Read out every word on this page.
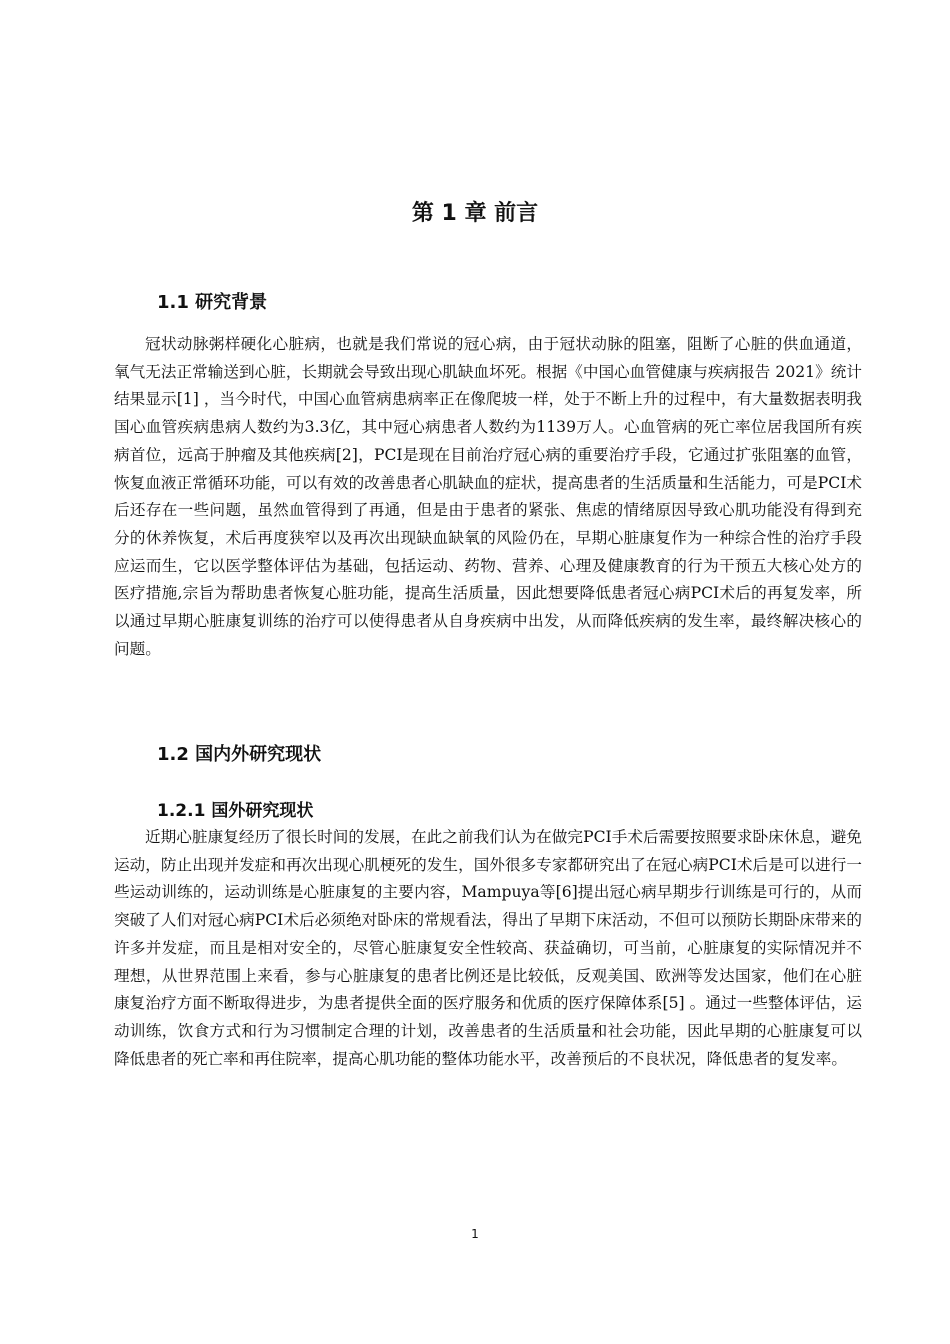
第 1 章 前言
1.1 研究背景

冠状动脉粥样硬化心脏病，也就是我们常说的冠心病，由于冠状动脉的阻塞，阻断了心脏的供血通道，氧气无法正常输送到心脏，长期就会导致出现心肌缺血坏死。根据《中国心血管健康与疾病报告 2021》统计结果显示[1] ，当今时代，中国心血管病患病率正在像爬坡一样，处于不断上升的过程中，有大量数据表明我国心血管疾病患病人数约为3.3亿，其中冠心病患者人数约为1139万人。心血管病的死亡率位居我国所有疾病首位，远高于肿瘤及其他疾病[2]，PCI是现在目前治疗冠心病的重要治疗手段，它通过扩张阻塞的血管，恢复血液正常循环功能，可以有效的改善患者心肌缺血的症状，提高患者的生活质量和生活能力，可是PCI术后还存在一些问题，虽然血管得到了再通，但是由于患者的紧张、焦虑的情绪原因导致心肌功能没有得到充分的休养恢复，术后再度狭窄以及再次出现缺血缺氧的风险仍在，早期心脏康复作为一种综合性的治疗手段应运而生，它以医学整体评估为基础，包括运动、药物、营养、心理及健康教育的行为干预五大核心处方的医疗措施,宗旨为帮助患者恢复心脏功能，提高生活质量，因此想要降低患者冠心病PCI术后的再复发率，所以通过早期心脏康复训练的治疗可以使得患者从自身疾病中出发，从而降低疾病的发生率，最终解决核心的问题。

1.2 国内外研究现状
1.2.1 国外研究现状

近期心脏康复经历了很长时间的发展，在此之前我们认为在做完PCI手术后需要按照要求卧床休息，避免运动，防止出现并发症和再次出现心肌梗死的发生，国外很多专家都研究出了在冠心病PCI术后是可以进行一些运动训练的，运动训练是心脏康复的主要内容，Mampuya等[6]提出冠心病早期步行训练是可行的，从而突破了人们对冠心病PCI术后必须绝对卧床的常规看法，得出了早期下床活动，不但可以预防长期卧床带来的许多并发症，而且是相对安全的，尽管心脏康复安全性较高、获益确切，可当前，心脏康复的实际情况并不理想，从世界范围上来看，参与心脏康复的患者比例还是比较低，反观美国、欧洲等发达国家，他们在心脏康复治疗方面不断取得进步，为患者提供全面的医疗服务和优质的医疗保障体系[5] 。通过一些整体评估，运动训练，饮食方式和行为习惯制定合理的计划，改善患者的生活质量和社会功能，因此早期的心脏康复可以降低患者的死亡率和再住院率，提高心肌功能的整体功能水平，改善预后的不良状况，降低患者的复发率。

1
